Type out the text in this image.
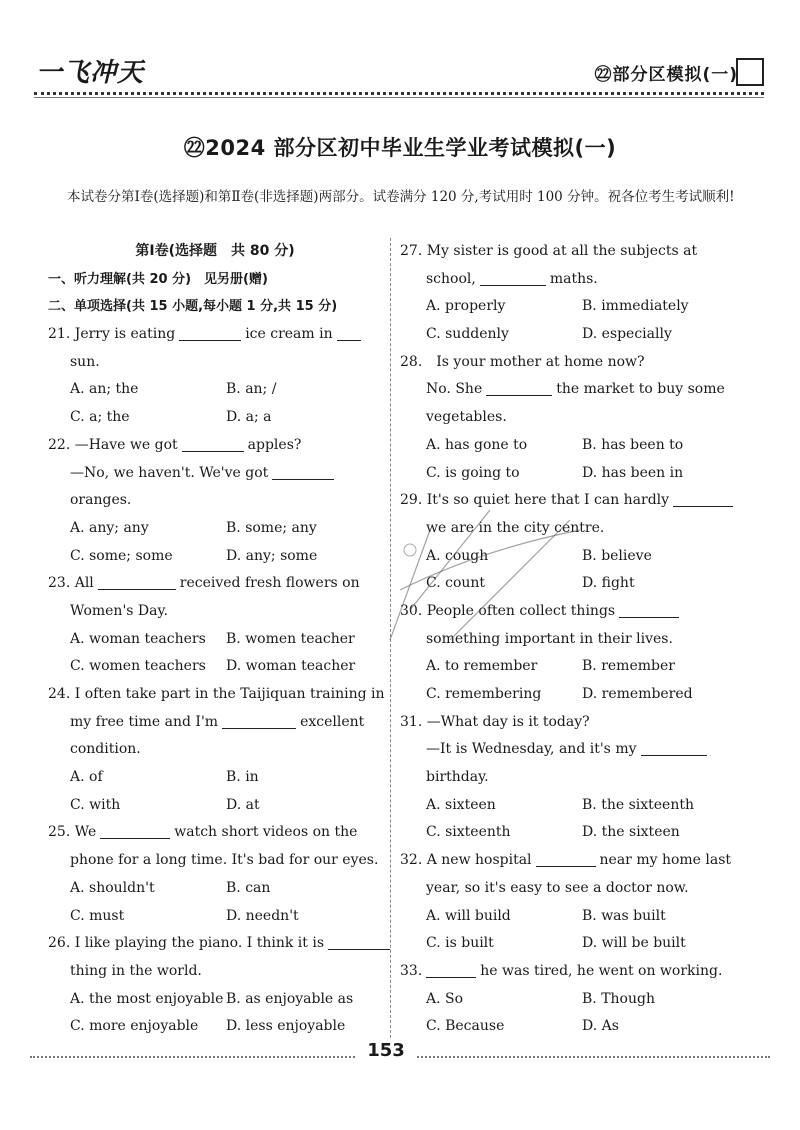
一飞冲天	㉒部分区模拟(一)
㉒2024 部分区初中毕业生学业考试模拟(一)
本试卷分第Ⅰ卷(选择题)和第Ⅱ卷(非选择题)两部分。试卷满分 120 分,考试用时 100 分钟。祝各位考生考试顺利!
第Ⅰ卷(选择题　共 80 分)
一、听力理解(共 20 分)　见另册(赠)
二、单项选择(共 15 小题,每小题 1 分,共 15 分)
21. Jerry is eating	ice cream in
sun.
A. an; the	B. an; /
C. a; the	D. a; a
22. —Have we got	apples?
—No, we haven't. We've got
oranges.
A. any; any	B. some; any
C. some; some	D. any; some
23. All	received fresh flowers on
Women's Day.
A. woman teachers	B. women teacher
C. women teachers	D. woman teacher
24. I often take part in the Taijiquan training in
my free time and I'm	excellent
condition.
A. of	B. in
C. with	D. at
25. We	watch short videos on the
phone for a long time. It's bad for our eyes.
A. shouldn't	B. can
C. must	D. needn't
26. I like playing the piano. I think it is
thing in the world.
A. the most enjoyable B. as enjoyable as
C. more enjoyable	D. less enjoyable
27. My sister is good at all the subjects at
school,	maths.
A. properly	B. immediately
C. suddenly	D. especially
28.　Is your mother at home now?
No. She	the market to buy some
vegetables.
A. has gone to	B. has been to
C. is going to	D. has been in
29. It's so quiet here that I can hardly
we are in the city centre.
A. cough	B. believe
C. count	D. fight
30. People often collect things
something important in their lives.
A. to remember	B. remember
C. remembering	D. remembered
31. —What day is it today?
—It is Wednesday, and it's my
birthday.
A. sixteen	B. the sixteenth
C. sixteenth	D. the sixteen
32. A new hospital	near my home last
year, so it's easy to see a doctor now.
A. will build	B. was built
C. is built	D. will be built
33.	he was tired, he went on working.
A. So	B. Though
C. Because	D. As
153
